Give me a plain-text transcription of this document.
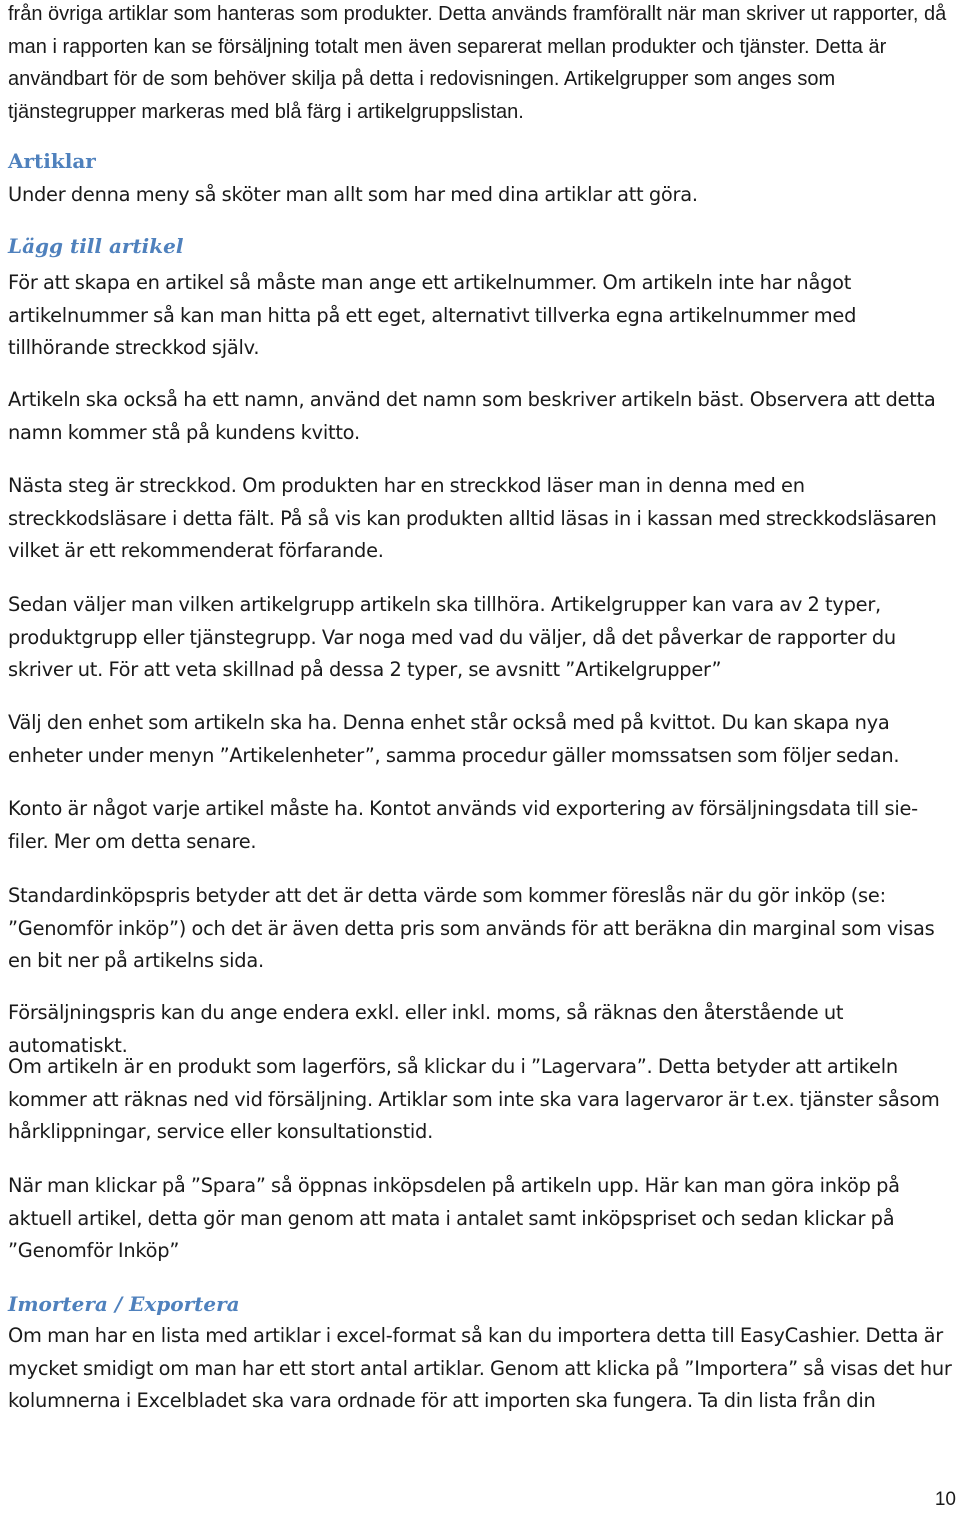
från övriga artiklar som hanteras som produkter. Detta används framförallt när man skriver ut rapporter, då man i rapporten kan se försäljning totalt men även separerat mellan produkter och tjänster. Detta är användbart för de som behöver skilja på detta i redovisningen. Artikelgrupper som anges som tjänstegrupper markeras med blå färg i artikelgruppslistan.

Artiklar

Under denna meny så sköter man allt som har med dina artiklar att göra.

Lägg till artikel

För att skapa en artikel så måste man ange ett artikelnummer. Om artikeln inte har något artikelnummer så kan man hitta på ett eget, alternativt tillverka egna artikelnummer med tillhörande streckkod själv.

Artikeln ska också ha ett namn, använd det namn som beskriver artikeln bäst. Observera att detta namn kommer stå på kundens kvitto.

Nästa steg är streckkod. Om produkten har en streckkod läser man in denna med en streckkodsläsare i detta fält. På så vis kan produkten alltid läsas in i kassan med streckkodsläsaren vilket är ett rekommenderat förfarande.

Sedan väljer man vilken artikelgrupp artikeln ska tillhöra. Artikelgrupper kan vara av 2 typer, produktgrupp eller tjänstegrupp. Var noga med vad du väljer, då det påverkar de rapporter du skriver ut. För att veta skillnad på dessa 2 typer, se avsnitt ”Artikelgrupper”

Välj den enhet som artikeln ska ha. Denna enhet står också med på kvittot. Du kan skapa nya enheter under menyn ”Artikelenheter”, samma procedur gäller momssatsen som följer sedan.

Konto är något varje artikel måste ha. Kontot används vid exportering av försäljningsdata till sie-filer. Mer om detta senare.

Standardinköpspris betyder att det är detta värde som kommer föreslås när du gör inköp (se: ”Genomför inköp”) och det är även detta pris som används för att beräkna din marginal som visas en bit ner på artikelns sida.

Försäljningspris kan du ange endera exkl. eller inkl. moms, så räknas den återstående ut automatiskt.

Om artikeln är en produkt som lagerförs, så klickar du i ”Lagervara”. Detta betyder att artikeln kommer att räknas ned vid försäljning. Artiklar som inte ska vara lagervaror är t.ex. tjänster såsom hårklippningar, service eller konsultationstid.

När man klickar på ”Spara” så öppnas inköpsdelen på artikeln upp. Här kan man göra inköp på aktuell artikel, detta gör man genom att mata i antalet samt inköpspriset och sedan klickar på ”Genomför Inköp”

Imortera / Exportera

Om man har en lista med artiklar i excel-format så kan du importera detta till EasyCashier. Detta är mycket smidigt om man har ett stort antal artiklar. Genom att klicka på ”Importera” så visas det hur kolumnerna i Excelbladet ska vara ordnade för att importen ska fungera. Ta din lista från din

10
